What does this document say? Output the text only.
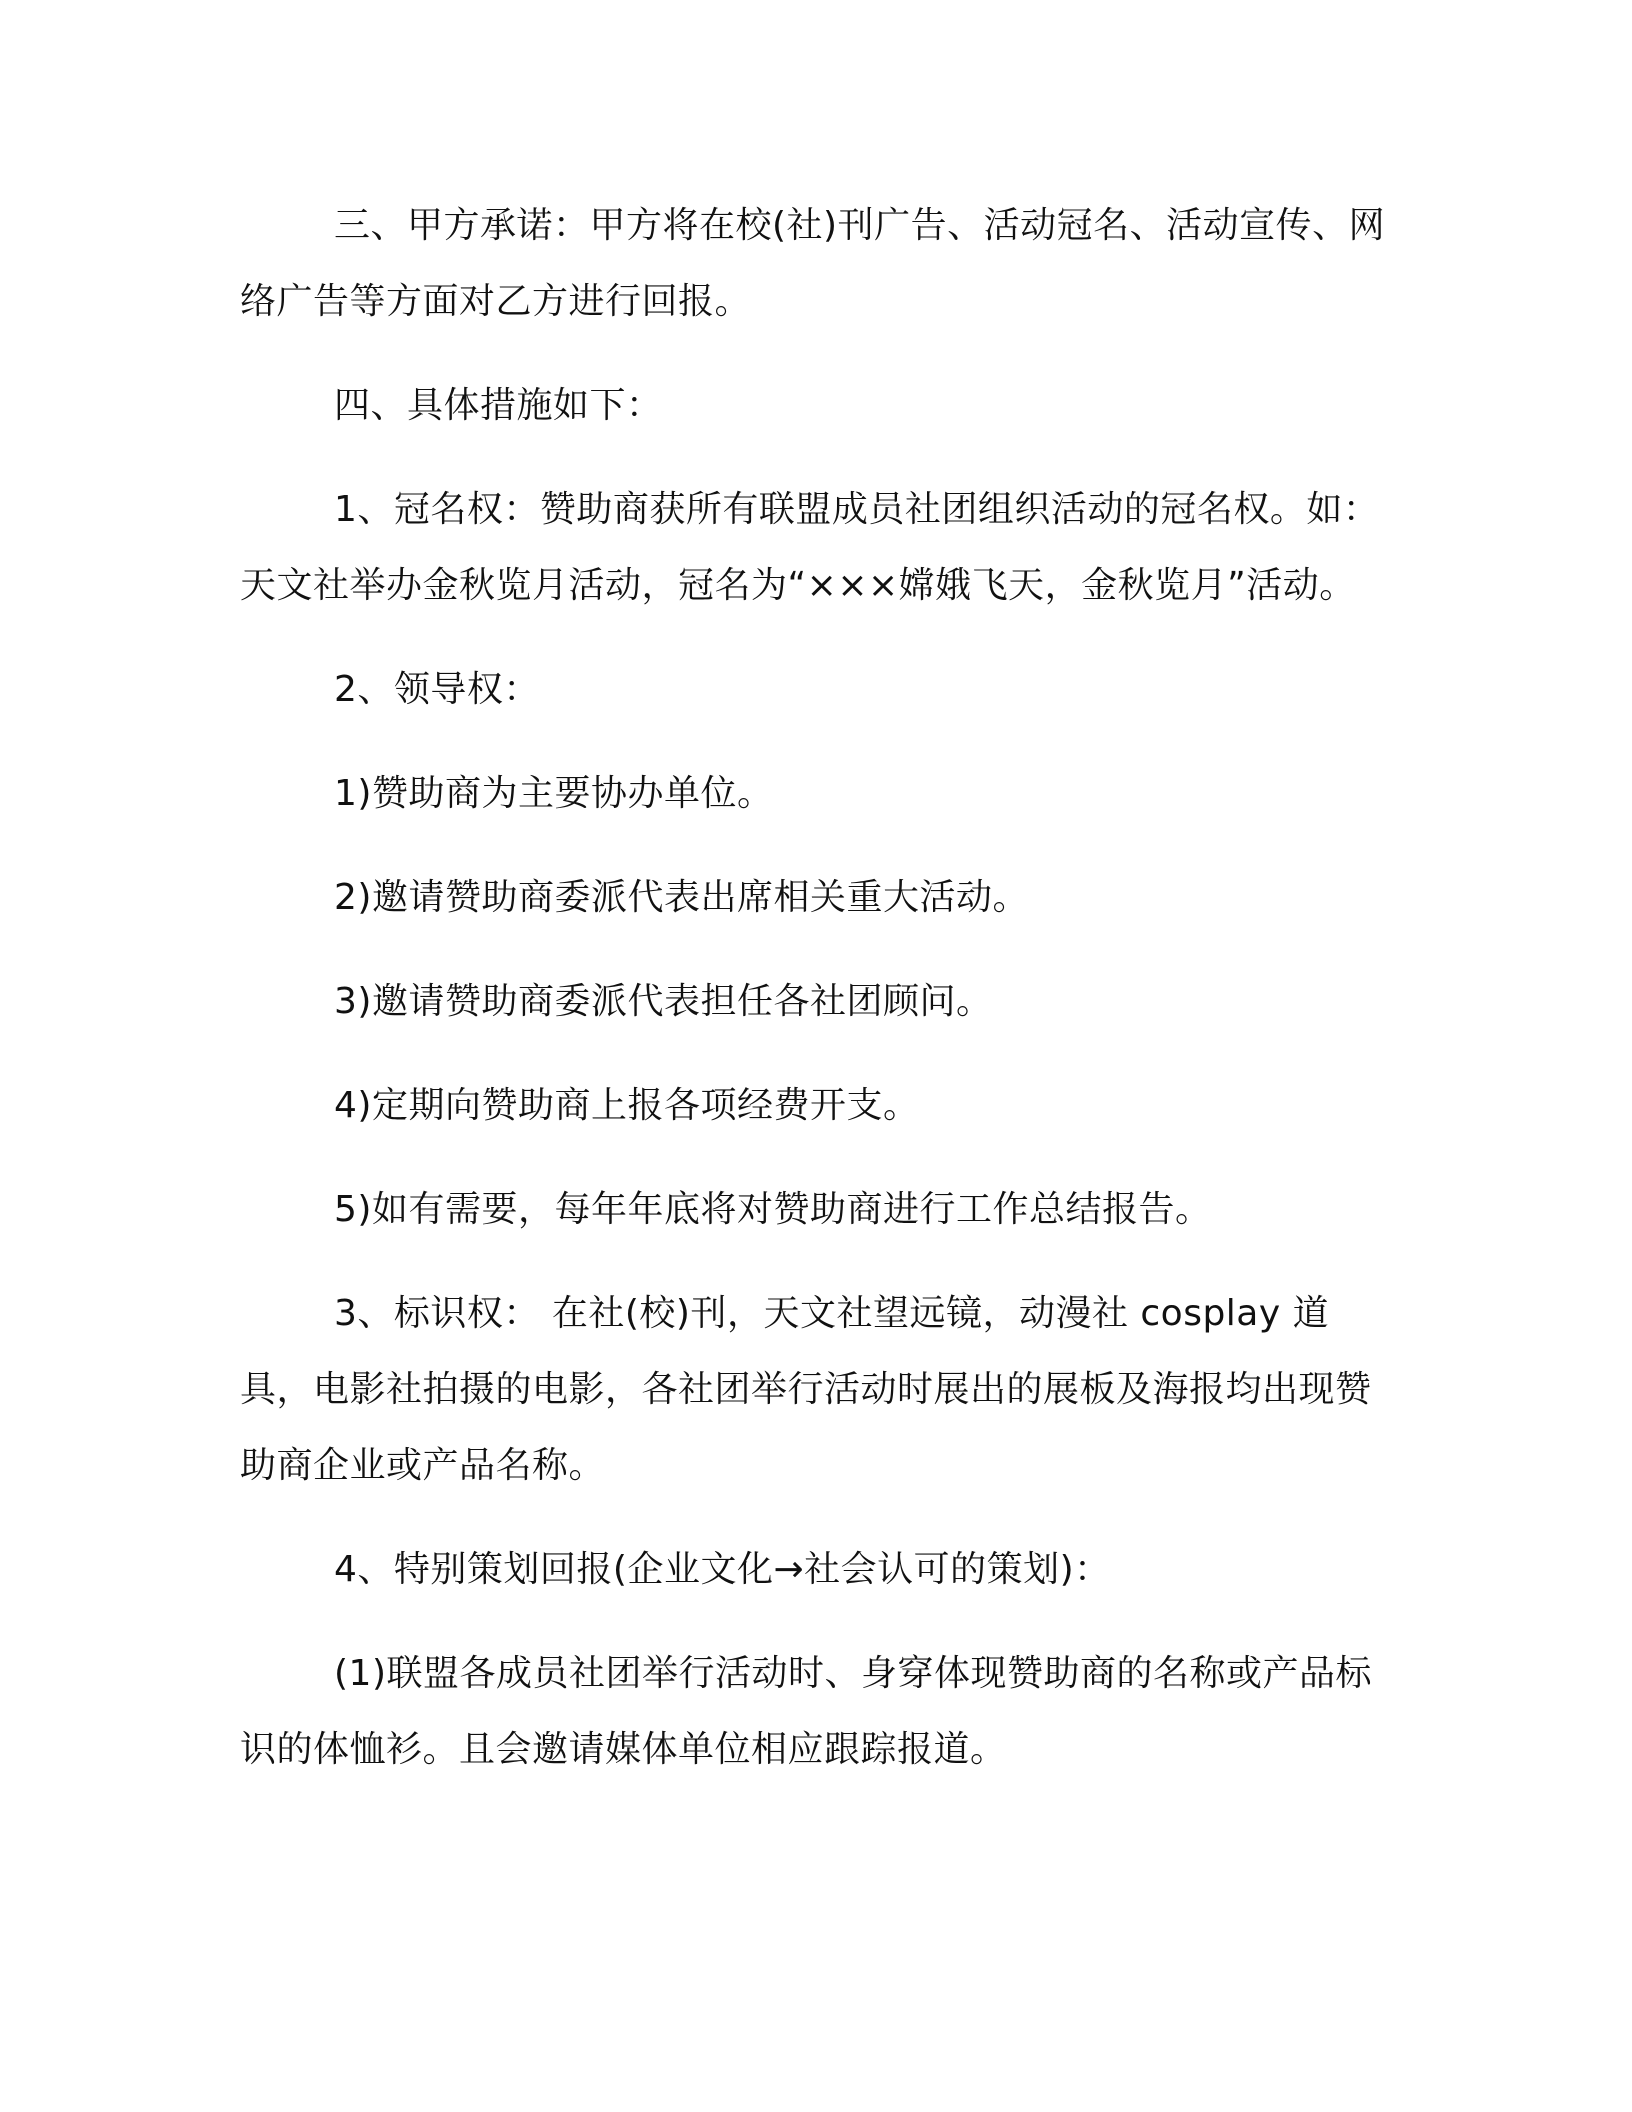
三、甲方承诺：甲方将在校(社)刊广告、活动冠名、活动宣传、网络广告等方面对乙方进行回报。

四、具体措施如下：

1、冠名权：赞助商获所有联盟成员社团组织活动的冠名权。如：天文社举办金秋览月活动，冠名为“×××嫦娥飞天，金秋览月”活动。

2、领导权：

1)赞助商为主要协办单位。

2)邀请赞助商委派代表出席相关重大活动。

3)邀请赞助商委派代表担任各社团顾问。

4)定期向赞助商上报各项经费开支。

5)如有需要，每年年底将对赞助商进行工作总结报告。

3、标识权： 在社(校)刊，天文社望远镜，动漫社 cosplay 道具，电影社拍摄的电影，各社团举行活动时展出的展板及海报均出现赞助商企业或产品名称。

4、特别策划回报(企业文化→社会认可的策划)：

(1)联盟各成员社团举行活动时、身穿体现赞助商的名称或产品标识的体恤衫。且会邀请媒体单位相应跟踪报道。
